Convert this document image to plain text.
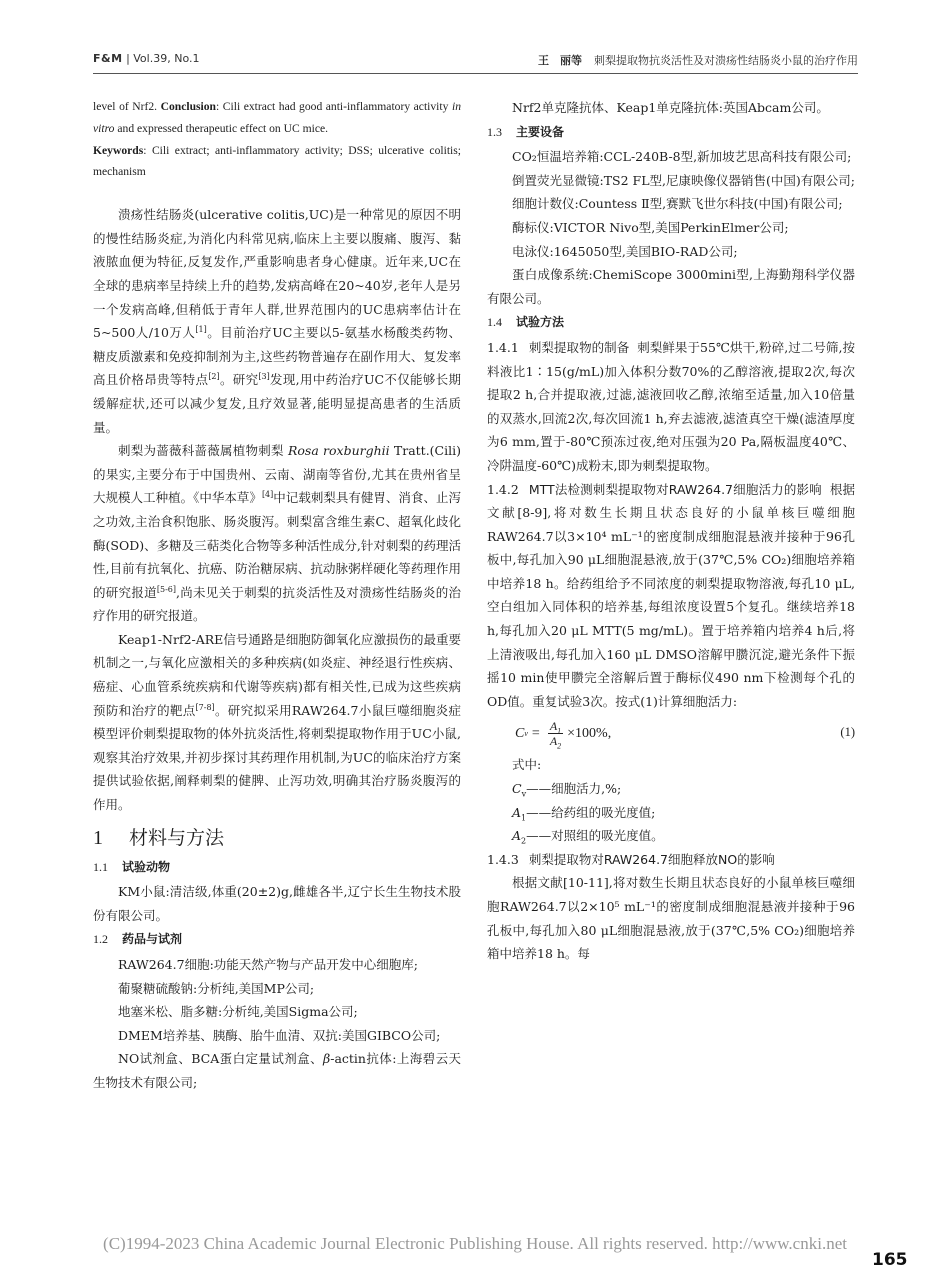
F&M | Vol.39, No.1	王　丽等 刺梨提取物抗炎活性及对溃疡性结肠炎小鼠的治疗作用

level of Nrf2. Conclusion: Cili extract had good anti-inflammatory activity in vitro and expressed therapeutic effect on UC mice.

Keywords: Cili extract; anti-inflammatory activity; DSS; ulcerative colitis; mechanism

溃疡性结肠炎(ulcerative colitis,UC)是一种常见的原因不明的慢性结肠炎症,为消化内科常见病,临床上主要以腹痛、腹泻、黏液脓血便为特征,反复发作,严重影响患者身心健康。近年来,UC在全球的患病率呈持续上升的趋势,发病高峰在20~40岁,老年人是另一个发病高峰,但稍低于青年人群,世界范围内的UC患病率估计在5~500人/10万人[1]。目前治疗UC主要以5-氨基水杨酸类药物、糖皮质激素和免疫抑制剂为主,这些药物普遍存在副作用大、复发率高且价格昂贵等特点[2]。研究[3]发现,用中药治疗UC不仅能够长期缓解症状,还可以减少复发,且疗效显著,能明显提高患者的生活质量。

刺梨为蔷薇科蔷薇属植物刺梨 Rosa roxburghii Tratt.(Cili)的果实,主要分布于中国贵州、云南、湖南等省份,尤其在贵州省呈大规模人工种植。《中华本草》[4]中记载刺梨具有健胃、消食、止泻之功效,主治食积饱胀、肠炎腹泻。刺梨富含维生素C、超氧化歧化酶(SOD)、多糖及三萜类化合物等多种活性成分,针对刺梨的药理活性,目前有抗氧化、抗癌、防治糖尿病、抗动脉粥样硬化等药理作用的研究报道[5-6],尚未见关于刺梨的抗炎活性及对溃疡性结肠炎的治疗作用的研究报道。

Keap1-Nrf2-ARE信号通路是细胞防御氧化应激损伤的最重要机制之一,与氧化应激相关的多种疾病(如炎症、神经退行性疾病、癌症、心血管系统疾病和代谢等疾病)都有相关性,已成为这些疾病预防和治疗的靶点[7-8]。研究拟采用RAW264.7小鼠巨噬细胞炎症模型评价刺梨提取物的体外抗炎活性,将刺梨提取物作用于UC小鼠,观察其治疗效果,并初步探讨其药理作用机制,为UC的临床治疗方案提供试验依据,阐释刺梨的健脾、止泻功效,明确其治疗肠炎腹泻的作用。

1 材料与方法
1.1 试验动物

KM小鼠:清洁级,体重(20±2)g,雌雄各半,辽宁长生生物技术股份有限公司。

1.2 药品与试剂

RAW264.7细胞:功能天然产物与产品开发中心细胞库;

葡聚糖硫酸钠:分析纯,美国MP公司;

地塞米松、脂多糖:分析纯,美国Sigma公司;

DMEM培养基、胰酶、胎牛血清、双抗:美国GIBCO公司;

NO试剂盒、BCA蛋白定量试剂盒、β-actin抗体:上海碧云天生物技术有限公司;

Nrf2单克隆抗体、Keap1单克隆抗体:英国Abcam公司。

1.3 主要设备

CO₂恒温培养箱:CCL-240B-8型,新加坡艺思高科技有限公司;

倒置荧光显微镜:TS2 FL型,尼康映像仪器销售(中国)有限公司;

细胞计数仪:Countess Ⅱ型,赛默飞世尔科技(中国)有限公司;

酶标仪:VICTOR Nivo型,美国PerkinElmer公司;

电泳仪:1645050型,美国BIO-RAD公司;

蛋白成像系统:ChemiScope 3000mini型,上海勤翔科学仪器有限公司。

1.4 试验方法

1.4.1 刺梨提取物的制备 刺梨鲜果于55℃烘干,粉碎,过二号筛,按料液比1∶15(g/mL)加入体积分数70%的乙醇溶液,提取2次,每次提取2 h,合并提取液,过滤,滤液回收乙醇,浓缩至适量,加入10倍量的双蒸水,回流2次,每次回流1 h,弃去滤液,滤渣真空干燥(滤渣厚度为6 mm,置于-80℃预冻过夜,绝对压强为20 Pa,隔板温度40℃、冷阱温度-60℃)成粉末,即为刺梨提取物。

1.4.2 MTT法检测刺梨提取物对RAW264.7细胞活力的影响 根据文献[8-9],将对数生长期且状态良好的小鼠单核巨噬细胞RAW264.7以3×10⁴ mL⁻¹的密度制成细胞混悬液并接种于96孔板中,每孔加入90 μL细胞混悬液,放于(37℃,5% CO₂)细胞培养箱中培养18 h。给药组给予不同浓度的刺梨提取物溶液,每孔10 μL,空白组加入同体积的培养基,每组浓度设置5个复孔。继续培养18 h,每孔加入20 μL MTT(5 mg/mL)。置于培养箱内培养4 h后,将上清液吸出,每孔加入160 μL DMSO溶解甲臜沉淀,避光条件下振摇10 min使甲臜完全溶解后置于酶标仪490 nm下检测每个孔的OD值。重复试验3次。按式(1)计算细胞活力:

C $v = \frac{A_1}{A_2} \times 100\%$,	(1)

式中:

$C_v——$细胞活力,%;

$A_1——$给药组的吸光度值;

$A_2——$对照组的吸光度值。

1.4.3 刺梨提取物对RAW264.7细胞释放NO的影响

根据文献[10-11],将对数生长期且状态良好的小鼠单核巨噬细胞RAW264.7以2×10⁵ mL⁻¹的密度制成细胞混悬液并接种于96孔板中,每孔加入80 μL细胞混悬液,放于(37℃,5% CO₂)细胞培养箱中培养18 h。每

165
(C)1994-2023 China Academic Journal Electronic Publishing House. All rights reserved. http://www.cnki.net
